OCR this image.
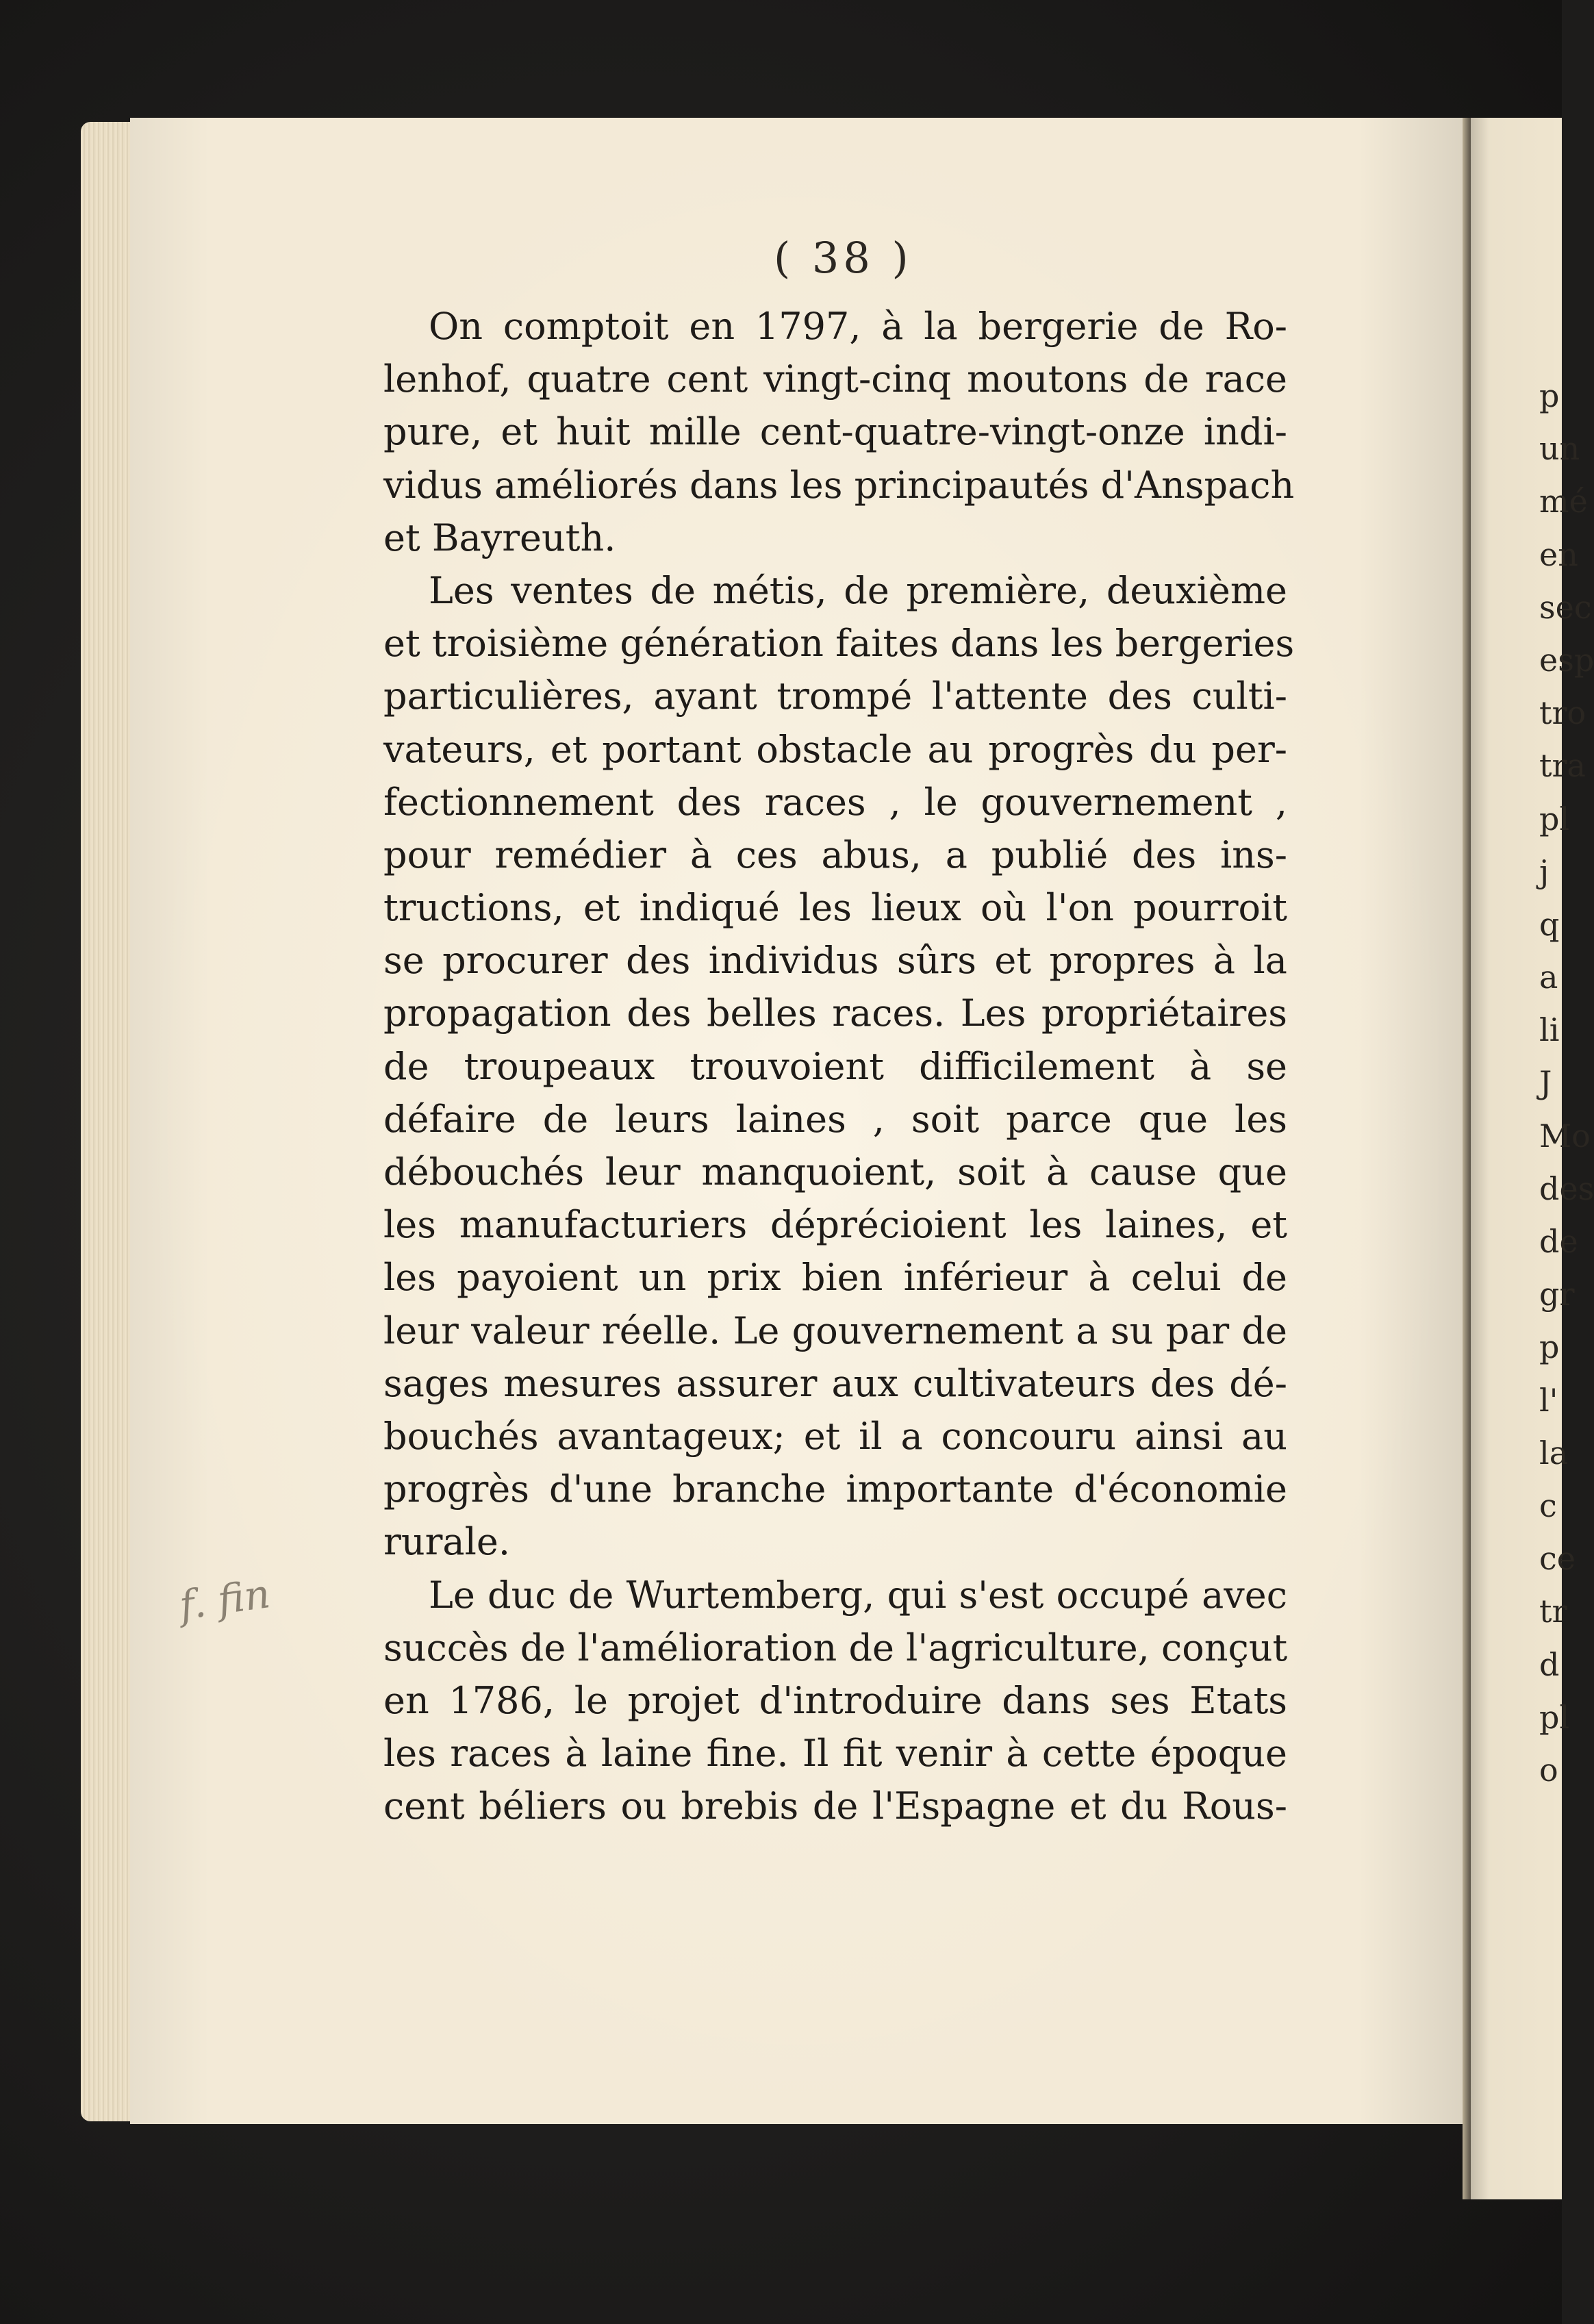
( 38 )
On comptoit en 1797, à la bergerie de Ro-
lenhof, quatre cent vingt-cinq moutons de race
pure, et huit mille cent-quatre-vingt-onze indi-
vidus améliorés dans les principautés d'Anspach
et Bayreuth.
Les ventes de métis, de première, deuxième
et troisième génération faites dans les bergeries
particulières, ayant trompé l'attente des culti-
vateurs, et portant obstacle au progrès du per-
fectionnement des races , le gouvernement ,
pour remédier à ces abus, a publié des ins-
tructions, et indiqué les lieux où l'on pourroit
se procurer des individus sûrs et propres à la
propagation des belles races. Les propriétaires
de troupeaux trouvoient difficilement à se
défaire de leurs laines , soit parce que les
débouchés leur manquoient, soit à cause que
les manufacturiers déprécioient les laines, et
les payoient un prix bien inférieur à celui de
leur valeur réelle. Le gouvernement a su par de
sages mesures assurer aux cultivateurs des dé-
bouchés avantageux; et il a concouru ainsi au
progrès d'une branche importante d'économie
rurale.
Le duc de Wurtemberg, qui s'est occupé avec
succès de l'amélioration de l'agriculture, conçut
en 1786, le projet d'introduire dans ses Etats
les races à laine fine. Il fit venir à cette époque
cent béliers ou brebis de l'Espagne et du Rous-
f. fin
p
un
mé
en
sec
esp
tro
tra
pl
j
q
a
li
J
Mo
des
de
gr
p
l'
la
c
ce
tr
d
pl
o
